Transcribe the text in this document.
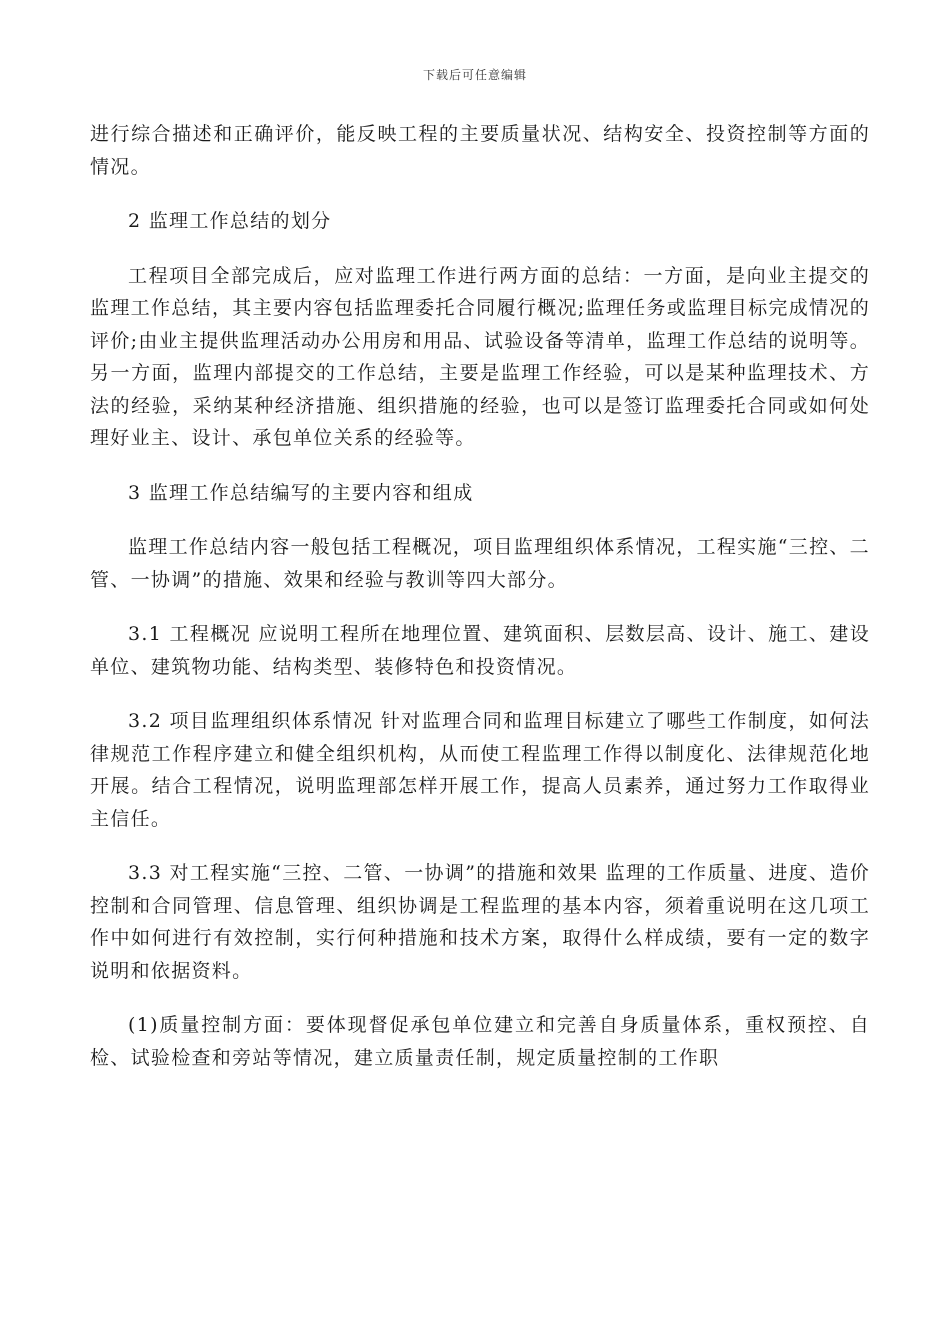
下载后可任意编辑

进行综合描述和正确评价，能反映工程的主要质量状况、结构安全、投资控制等方面的情况。

2 监理工作总结的划分

工程项目全部完成后，应对监理工作进行两方面的总结：一方面，是向业主提交的监理工作总结，其主要内容包括监理委托合同履行概况;监理任务或监理目标完成情况的评价;由业主提供监理活动办公用房和用品、试验设备等清单，监理工作总结的说明等。另一方面，监理内部提交的工作总结，主要是监理工作经验，可以是某种监理技术、方法的经验，采纳某种经济措施、组织措施的经验，也可以是签订监理委托合同或如何处理好业主、设计、承包单位关系的经验等。

3 监理工作总结编写的主要内容和组成

监理工作总结内容一般包括工程概况，项目监理组织体系情况，工程实施“三控、二管、一协调”的措施、效果和经验与教训等四大部分。

3.1 工程概况 应说明工程所在地理位置、建筑面积、层数层高、设计、施工、建设单位、建筑物功能、结构类型、装修特色和投资情况。

3.2 项目监理组织体系情况 针对监理合同和监理目标建立了哪些工作制度，如何法律规范工作程序建立和健全组织机构，从而使工程监理工作得以制度化、法律规范化地开展。结合工程情况，说明监理部怎样开展工作，提高人员素养，通过努力工作取得业主信任。

3.3 对工程实施“三控、二管、一协调”的措施和效果 监理的工作质量、进度、造价控制和合同管理、信息管理、组织协调是工程监理的基本内容，须着重说明在这几项工作中如何进行有效控制，实行何种措施和技术方案，取得什么样成绩，要有一定的数字说明和依据资料。

(1)质量控制方面：要体现督促承包单位建立和完善自身质量体系，重权预控、自检、试验检查和旁站等情况，建立质量责任制，规定质量控制的工作职
